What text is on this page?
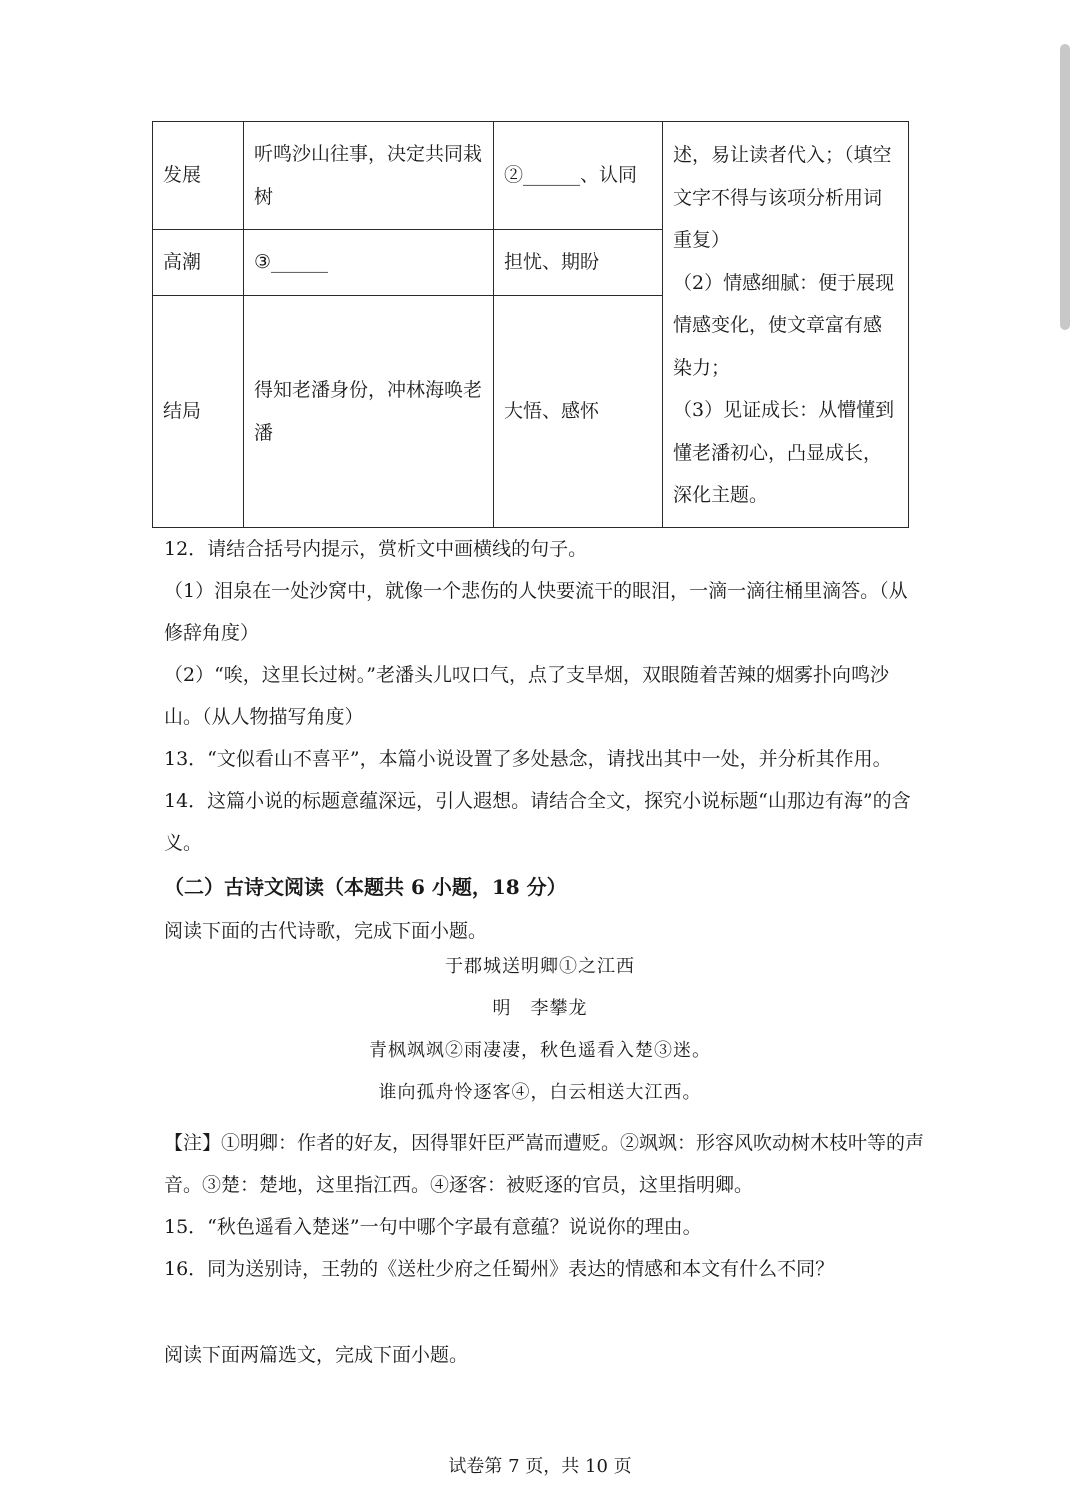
发展	听鸣沙山往事，决定共同栽树	②______、认同	述，易让读者代入；（填空文字不得与该项分析用词重复）

（2）情感细腻：便于展现情感变化，使文章富有感染力；

（3）见证成长：从懵懂到懂老潘初心，凸显成长，深化主题。

高潮	③______	担忧、期盼	
结局	得知老潘身份，冲林海唤老潘	大悟、感怀	

12．请结合括号内提示，赏析文中画横线的句子。

（1）泪泉在一处沙窝中，就像一个悲伤的人快要流干的眼泪，一滴一滴往桶里滴答。（从修辞角度）

（2）“唉，这里长过树。”老潘头儿叹口气，点了支旱烟，双眼随着苦辣的烟雾扑向鸣沙山。（从人物描写角度）

13．“文似看山不喜平”，本篇小说设置了多处悬念，请找出其中一处，并分析其作用。

14．这篇小说的标题意蕴深远，引人遐想。请结合全文，探究小说标题“山那边有海”的含义。

（二）古诗文阅读（本题共 6 小题，18 分）
阅读下面的古代诗歌，完成下面小题。
于郡城送明卿①之江西
明　李攀龙
青枫飒飒②雨凄凄，秋色遥看入楚③迷。
谁向孤舟怜逐客④，白云相送大江西。

【注】①明卿：作者的好友，因得罪奸臣严嵩而遭贬。②飒飒：形容风吹动树木枝叶等的声音。③楚：楚地，这里指江西。④逐客：被贬逐的官员，这里指明卿。

15．“秋色遥看入楚迷”一句中哪个字最有意蕴？说说你的理由。

16．同为送别诗，王勃的《送杜少府之任蜀州》表达的情感和本文有什么不同？

阅读下面两篇选文，完成下面小题。
试卷第 7 页，共 10 页
